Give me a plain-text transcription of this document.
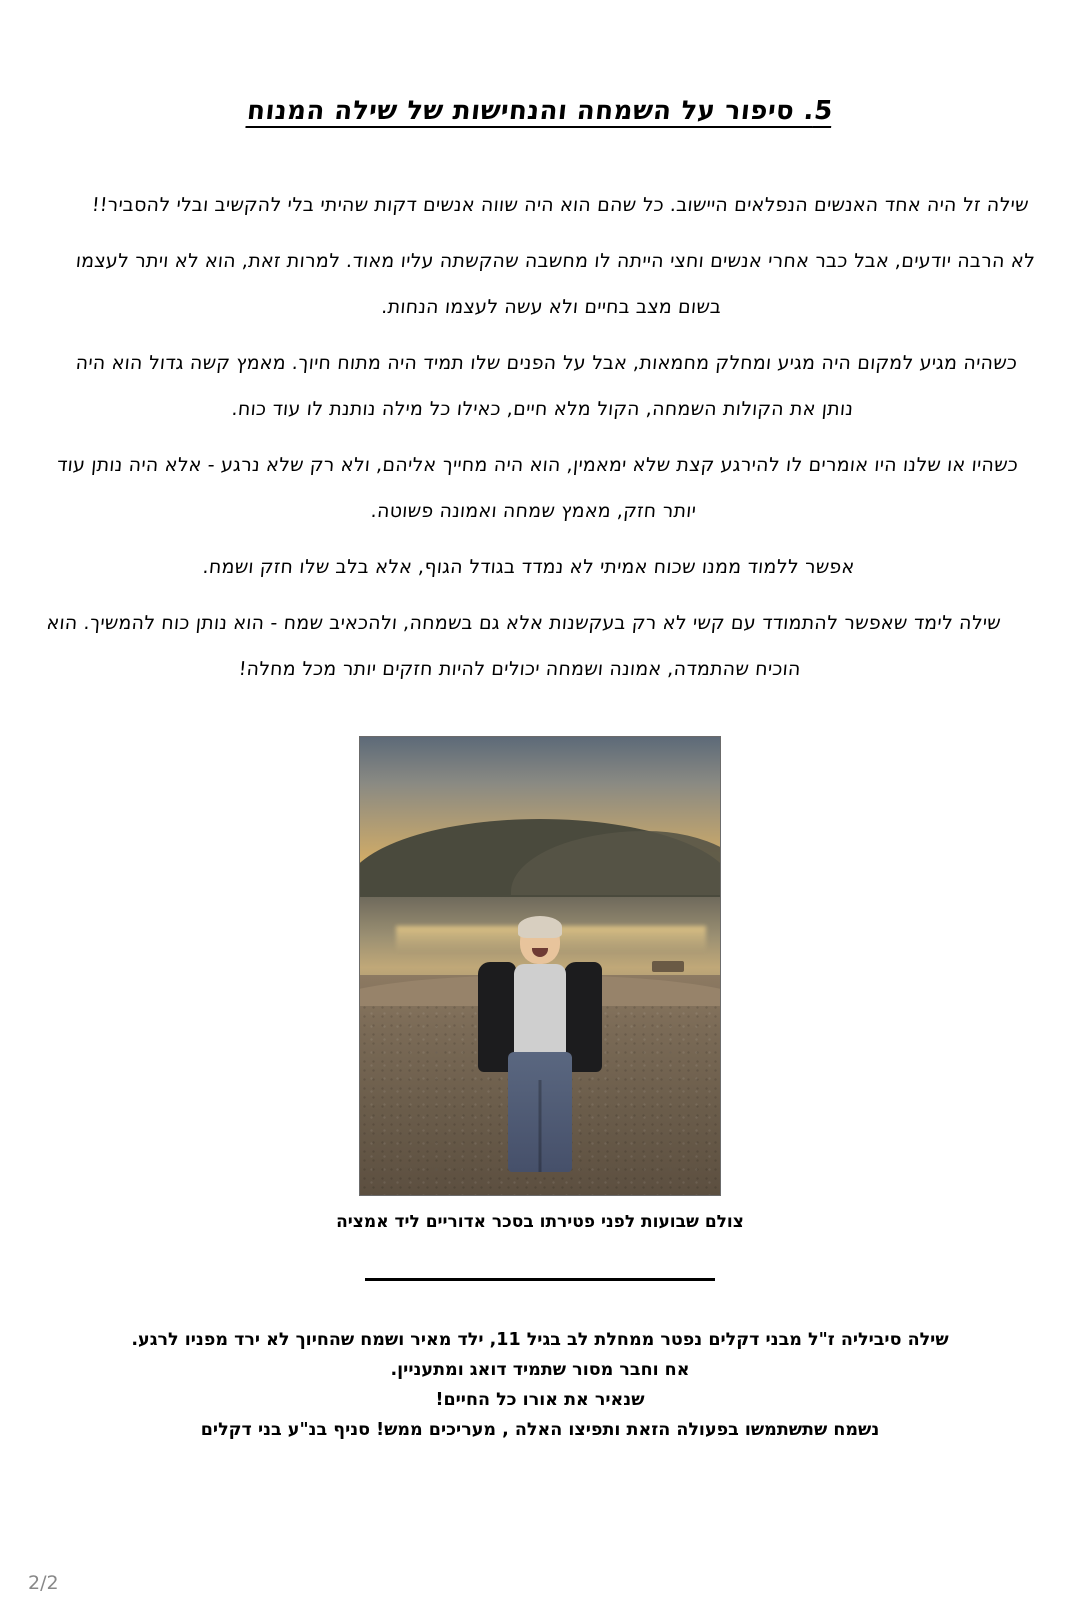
5. סיפור על השמחה והנחישות של שילה המנוח

שילה זל היה אחד האנשים הנפלאים היישוב. כל שהם הוא היה שווה אנשים דקות שהיתי בלי להקשיב ובלי להסביר!!

לא הרבה יודעים, אבל כבר אחרי אנשים וחצי הייתה לו מחשבה שהקשתה עליו מאוד. למרות זאת, הוא לא ויתר לעצמו בשום מצב בחיים ולא עשה לעצמו הנחות.

כשהיה מגיע למקום היה מגיע ומחלק מחמאות, אבל על הפנים שלו תמיד היה מתוח חיוך. מאמץ קשה גדול הוא היה נותן את הקולות השמחה, הקול מלא חיים, כאילו כל מילה נותנת לו עוד כוח.

כשהיו או שלנו היו אומרים לו להירגע קצת שלא ימאמין, הוא היה מחייך אליהם, ולא רק שלא נרגע - אלא היה נותן עוד יותר חזק, מאמץ שמחה ואמונה פשוטה.

אפשר ללמוד ממנו שכוח אמיתי לא נמדד בגודל הגוף, אלא בלב שלו חזק ושמח.

שילה לימד שאפשר להתמודד עם קשי לא רק בעקשנות אלא גם בשמחה, ולהכאיב שמח - הוא נותן כוח להמשיך. הוא הוכיח שהתמדה, אמונה ושמחה יכולים להיות חזקים יותר מכל מחלה!

צולם שבועות לפני פטירתו בסכר אדוריים ליד אמציה

שילה סיביליה ז"ל מבני דקלים נפטר ממחלת לב בגיל 11, ילד מאיר ושמח שהחיוך לא ירד מפניו לרגע.

אח וחבר מסור שתמיד דואג ומתעניין.

שנאיר את אורו כל החיים!

נשמח שתשתמשו בפעולה הזאת ותפיצו האלה , מעריכים ממש! סניף בנ"ע בני דקלים

2/2
